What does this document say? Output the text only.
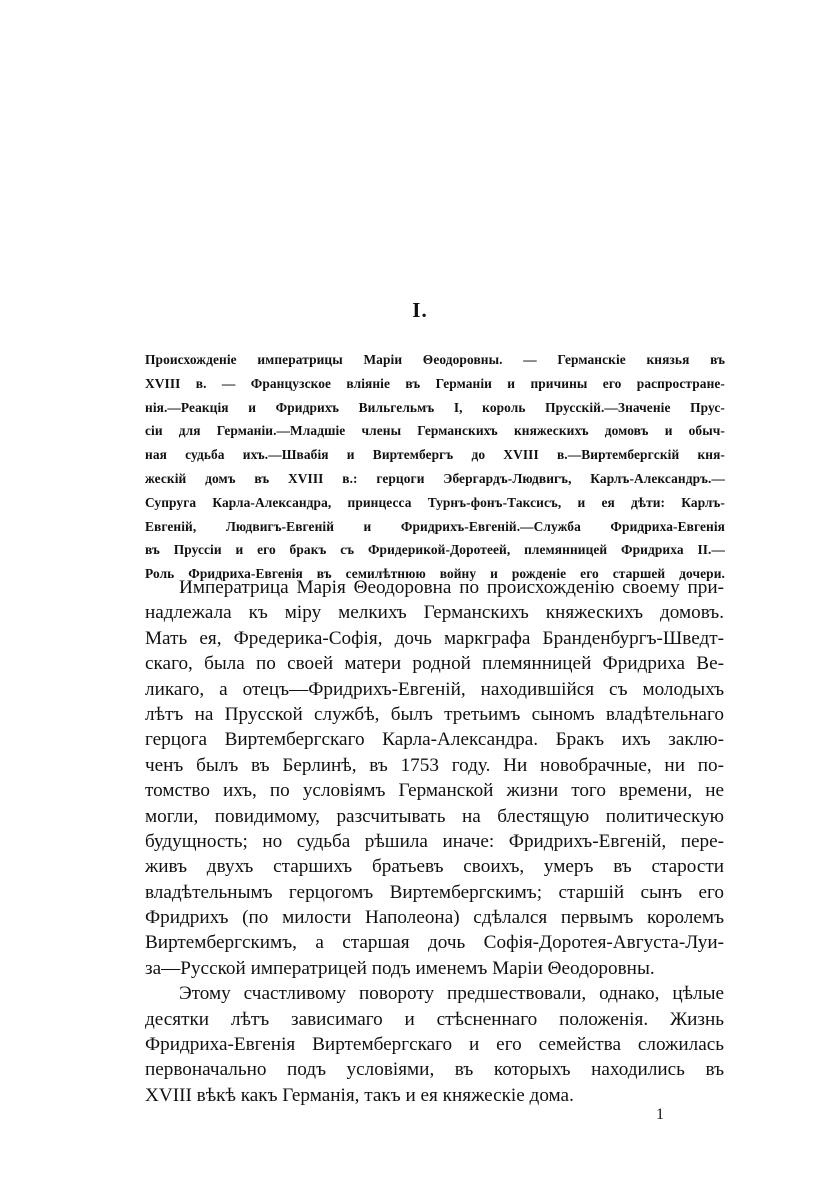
I.
Происхожденіе императрицы Маріи Θеодоровны. — Германскіе князья въ
XVIII в. — Французское вліяніе въ Германіи и причины его распростране-
нія.—Реакція и Фридрихъ Вильгельмъ I, король Прусскій.—Значеніе Прус-
сіи для Германіи.—Младшіе члены Германскихъ княжескихъ домовъ и обыч-
ная судьба ихъ.—Швабія и Виртембергъ до XVIII в.—Виртембергскій кня-
жескій домъ въ XVIII в.: герцоги Эбергардъ-Людвигъ, Карлъ-Александръ.—
Супруга Карла-Александра, принцесса Турнъ-фонъ-Таксисъ, и ея дѣти: Карлъ-
Евгеній, Людвигъ-Евгеній и Фридрихъ-Евгеній.—Служба Фридриха-Евгенія
въ Пруссіи и его бракъ съ Фридерикой-Доротеей, племянницей Фридриха II.—
Роль Фридриха-Евгенія въ семилѣтнюю войну и рожденіе его старшей дочери.
Императрица Марія Θеодоровна по происхожденію своему при-
надлежала къ міру мелкихъ Германскихъ княжескихъ домовъ.
Мать ея, Фредерика-Софія, дочь маркграфа Бранденбургъ-Шведт-
скаго, была по своей матери родной племянницей Фридриха Ве-
ликаго, а отецъ—Фридрихъ-Евгеній, находившійся съ молодыхъ
лѣтъ на Прусской службѣ, былъ третьимъ сыномъ владѣтельнаго
герцога Виртембергскаго Карла-Александра. Бракъ ихъ заклю-
ченъ былъ въ Берлинѣ, въ 1753 году. Ни новобрачные, ни по-
томство ихъ, по условіямъ Германской жизни того времени, не
могли, повидимому, разсчитывать на блестящую политическую
будущность; но судьба рѣшила иначе: Фридрихъ-Евгеній, пере-
живъ двухъ старшихъ братьевъ своихъ, умеръ въ старости
владѣтельнымъ герцогомъ Виртембергскимъ; старшій сынъ его
Фридрихъ (по милости Наполеона) сдѣлался первымъ королемъ
Виртембергскимъ, а старшая дочь Софія-Доротея-Августа-Луи-
за—Русской императрицей подъ именемъ Маріи Θеодоровны.
Этому счастливому повороту предшествовали, однако, цѣлые
десятки лѣтъ зависимаго и стѣсненнаго положенія. Жизнь
Фридриха-Евгенія Виртембергскаго и его семейства сложилась
первоначально подъ условіями, въ которыхъ находились въ
XVIII вѣкѣ какъ Германія, такъ и ея княжескіе дома.
1
